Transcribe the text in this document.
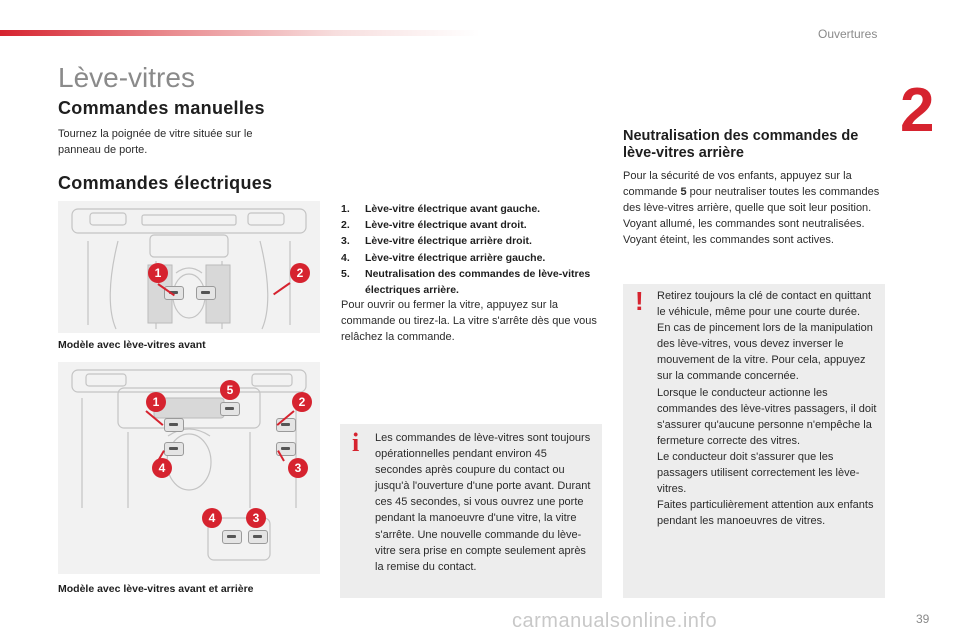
Ouvertures
2
Lève-vitres
Commandes manuelles

Tournez la poignée de vitre située sur le panneau de porte.

Commandes électriques
1	2
Modèle avec lève-vitres avant
5
1	2
4	3
4	3
Modèle avec lève-vitres avant et arrière
1.	Lève-vitre électrique avant gauche.
2.	Lève-vitre électrique avant droit.
3.	Lève-vitre électrique arrière droit.
4.	Lève-vitre électrique arrière gauche.
5.	Neutralisation des commandes de lève-vitres électriques arrière.

Pour ouvrir ou fermer la vitre, appuyez sur la commande ou tirez-la. La vitre s'arrête dès que vous relâchez la commande.

i Les commandes de lève-vitres sont toujours opérationnelles pendant environ 45 secondes après coupure du contact ou jusqu'à l'ouverture d'une porte avant. Durant ces 45 secondes, si vous ouvrez une porte pendant la manoeuvre d'une vitre, la vitre s'arrête. Une nouvelle commande du lève-vitre sera prise en compte seulement après la remise du contact.

Neutralisation des commandes de lève-vitres arrière

Pour la sécurité de vos enfants, appuyez sur la commande 5 pour neutraliser toutes les commandes des lève-vitres arrière, quelle que soit leur position.
Voyant allumé, les commandes sont neutralisées. Voyant éteint, les commandes sont actives.

! Retirez toujours la clé de contact en quittant le véhicule, même pour une courte durée.
En cas de pincement lors de la manipulation des lève-vitres, vous devez inverser le mouvement de la vitre. Pour cela, appuyez sur la commande concernée.
Lorsque le conducteur actionne les commandes des lève-vitres passagers, il doit s'assurer qu'aucune personne n'empêche la fermeture correcte des vitres.
Le conducteur doit s'assurer que les passagers utilisent correctement les lève-vitres.
Faites particulièrement attention aux enfants pendant les manoeuvres de vitres.

carmanualsonline.info	39
